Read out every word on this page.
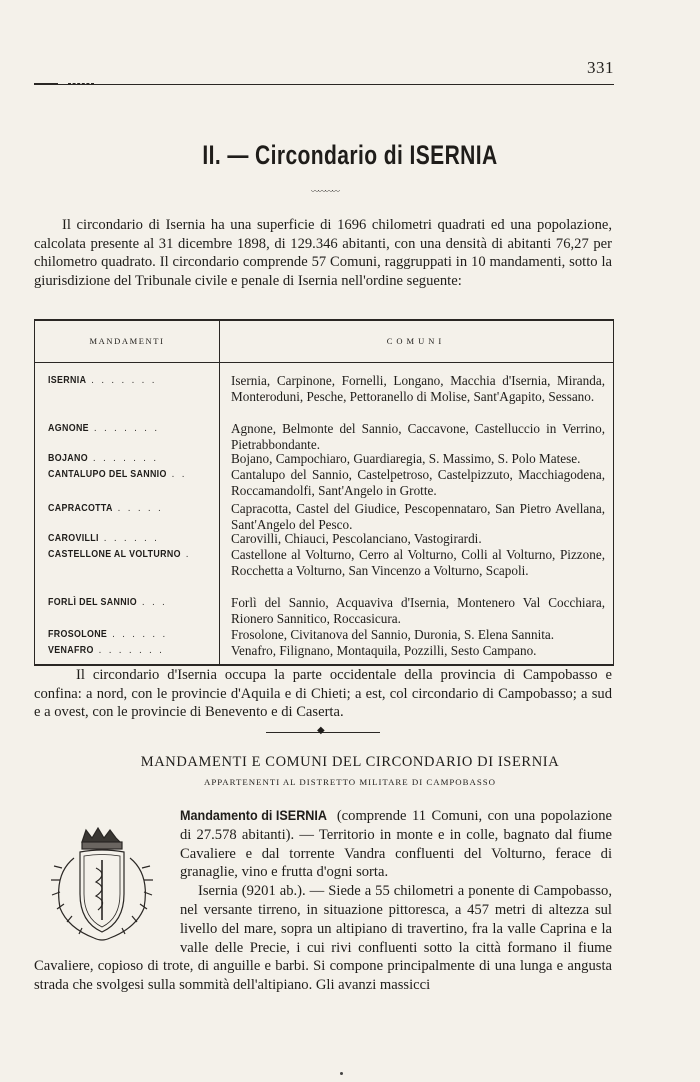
331
II. — Circondario di ISERNIA
〰〰〰〰
Il circondario di Isernia ha una superficie di 1696 chilometri quadrati ed una popolazione, calcolata presente al 31 dicembre 1898, di 129.346 abitanti, con una densità di abitanti 76,27 per chilometro quadrato. Il circondario comprende 57 Comuni, raggruppati in 10 mandamenti, sotto la giurisdizione del Tribunale civile e penale di Isernia nell'ordine seguente:
MANDAMENTI	COMUNI
ISERNIA . . . . . . .	Isernia, Carpinone, Fornelli, Longano, Macchia d'Isernia, Miranda, Monteroduni, Pesche, Pettoranello di Molise, Sant'Agapito, Sessano.
AGNONE . . . . . . .	Agnone, Belmonte del Sannio, Caccavone, Castelluccio in Verrino, Pietrabbondante.
BOJANO . . . . . . .	Bojano, Campochiaro, Guardiaregia, S. Massimo, S. Polo Matese.
CANTALUPO DEL SANNIO . .	Cantalupo del Sannio, Castelpetroso, Castelpizzuto, Macchiagodena, Roccamandolfi, Sant'Angelo in Grotte.
CAPRACOTTA . . . . .	Capracotta, Castel del Giudice, Pescopennataro, San Pietro Avellana, Sant'Angelo del Pesco.
CAROVILLI . . . . . .	Carovilli, Chiauci, Pescolanciano, Vastogirardi.
CASTELLONE AL VOLTURNO .	Castellone al Volturno, Cerro al Volturno, Colli al Volturno, Pizzone, Rocchetta a Volturno, San Vincenzo a Volturno, Scapoli.
FORLÌ DEL SANNIO . . .	Forlì del Sannio, Acquaviva d'Isernia, Montenero Val Cocchiara, Rionero Sannitico, Roccasicura.
FROSOLONE . . . . . .	Frosolone, Civitanova del Sannio, Duronia, S. Elena Sannita.
VENAFRO . . . . . . .	Venafro, Filignano, Montaquila, Pozzilli, Sesto Campano.
Il circondario d'Isernia occupa la parte occidentale della provincia di Campobasso e confina: a nord, con le provincie d'Aquila e di Chieti; a est, col circondario di Campobasso; a sud e a ovest, con le provincie di Benevento e di Caserta.
◆
MANDAMENTI E COMUNI DEL CIRCONDARIO DI ISERNIA
APPARTENENTI AL DISTRETTO MILITARE DI CAMPOBASSO
Mandamento di ISERNIA (comprende 11 Comuni, con una popolazione di 27.578 abitanti). — Territorio in monte e in colle, bagnato dal fiume Cavaliere e dal torrente Vandra confluenti del Volturno, ferace di granaglie, vino e frutta d'ogni sorta.
Isernia (9201 ab.). — Siede a 55 chilometri a ponente di Campobasso, nel versante tirreno, in situazione pittoresca, a 457 metri di altezza sul livello del mare, sopra un altipiano di travertino, fra la valle Caprina e la valle delle Precie, i cui rivi confluenti sotto la città formano il fiume Cavaliere, copioso di trote, di anguille e barbi. Si compone principalmente di una lunga e angusta strada che svolgesi sulla sommità dell'altipiano. Gli avanzi massicci
